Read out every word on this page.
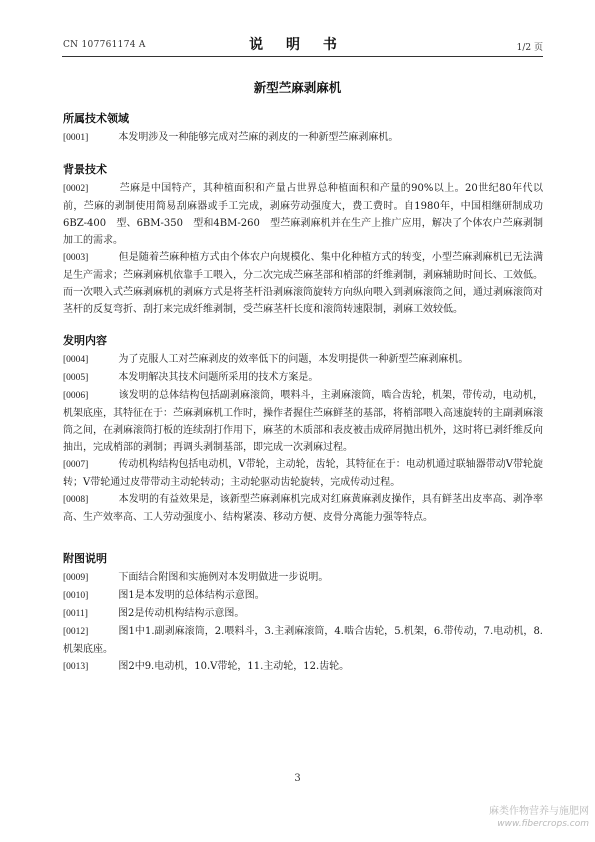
CN 107761174 A	说 明 书	1/2 页
新型苎麻剥麻机
所属技术领域

[0001]　　本发明涉及一种能够完成对苎麻的剥皮的一种新型苎麻剥麻机。

背景技术

[0002]　　苎麻是中国特产，其种植面积和产量占世界总种植面积和产量的90%以上。20世纪80年代以前，苎麻的剥制使用简易刮麻器或手工完成，剥麻劳动强度大，费工费时。自1980年，中国相继研制成功6BZ-400　型、6BM-350　型和4BM-260　型苎麻剥麻机并在生产上推广应用，解决了个体农户苎麻剥制加工的需求。

[0003]　　但是随着苎麻种植方式由个体农户向规模化、集中化种植方式的转变，小型苎麻剥麻机已无法满足生产需求；苎麻剥麻机依靠手工喂入，分二次完成苎麻茎部和梢部的纤维剥制，剥麻辅助时间长、工效低。而一次喂入式苎麻剥麻机的剥麻方式是将茎杆沿剥麻滚筒旋转方向纵向喂入到剥麻滚筒之间，通过剥麻滚筒对茎杆的反复弯折、刮打来完成纤维剥制，受苎麻茎杆长度和滚筒转速限制，剥麻工效较低。

发明内容

[0004]　　为了克服人工对苎麻剥皮的效率低下的问题，本发明提供一种新型苎麻剥麻机。

[0005]　　本发明解决其技术问题所采用的技术方案是。

[0006]　　该发明的总体结构包括副剥麻滚筒，喂料斗，主剥麻滚筒，啮合齿轮，机架，带传动，电动机，机架底座，其特征在于：苎麻剥麻机工作时，操作者握住苎麻鲜茎的基部，将梢部喂入高速旋转的主副剥麻滚筒之间，在剥麻滚筒打板的连续刮打作用下，麻茎的木质部和表皮被击成碎屑抛出机外，这时将已剥纤维反向抽出，完成梢部的剥制；再调头剥制基部，即完成一次剥麻过程。

[0007]　　传动机构结构包括电动机，V带轮，主动轮，齿轮，其特征在于：电动机通过联轴器带动V带轮旋转；V带轮通过皮带带动主动轮转动；主动轮驱动齿轮旋转，完成传动过程。

[0008]　　本发明的有益效果是，该新型苎麻剥麻机完成对红麻黄麻剥皮操作，具有鲜茎出皮率高、剥净率高、生产效率高、工人劳动强度小、结构紧凑、移动方便、皮骨分离能力强等特点。

附图说明

[0009]　　下面结合附图和实施例对本发明做进一步说明。

[0010]　　图1是本发明的总体结构示意图。

[0011]　　图2是传动机构结构示意图。

[0012]　　图1中1.副剥麻滚筒，2.喂料斗，3.主剥麻滚筒，4.啮合齿轮，5.机架，6.带传动，7.电动机，8.机架底座。

[0013]　　图2中9.电动机，10.V带轮，11.主动轮，12.齿轮。

3
麻类作物营养与施肥网
www.fibercrops.com
